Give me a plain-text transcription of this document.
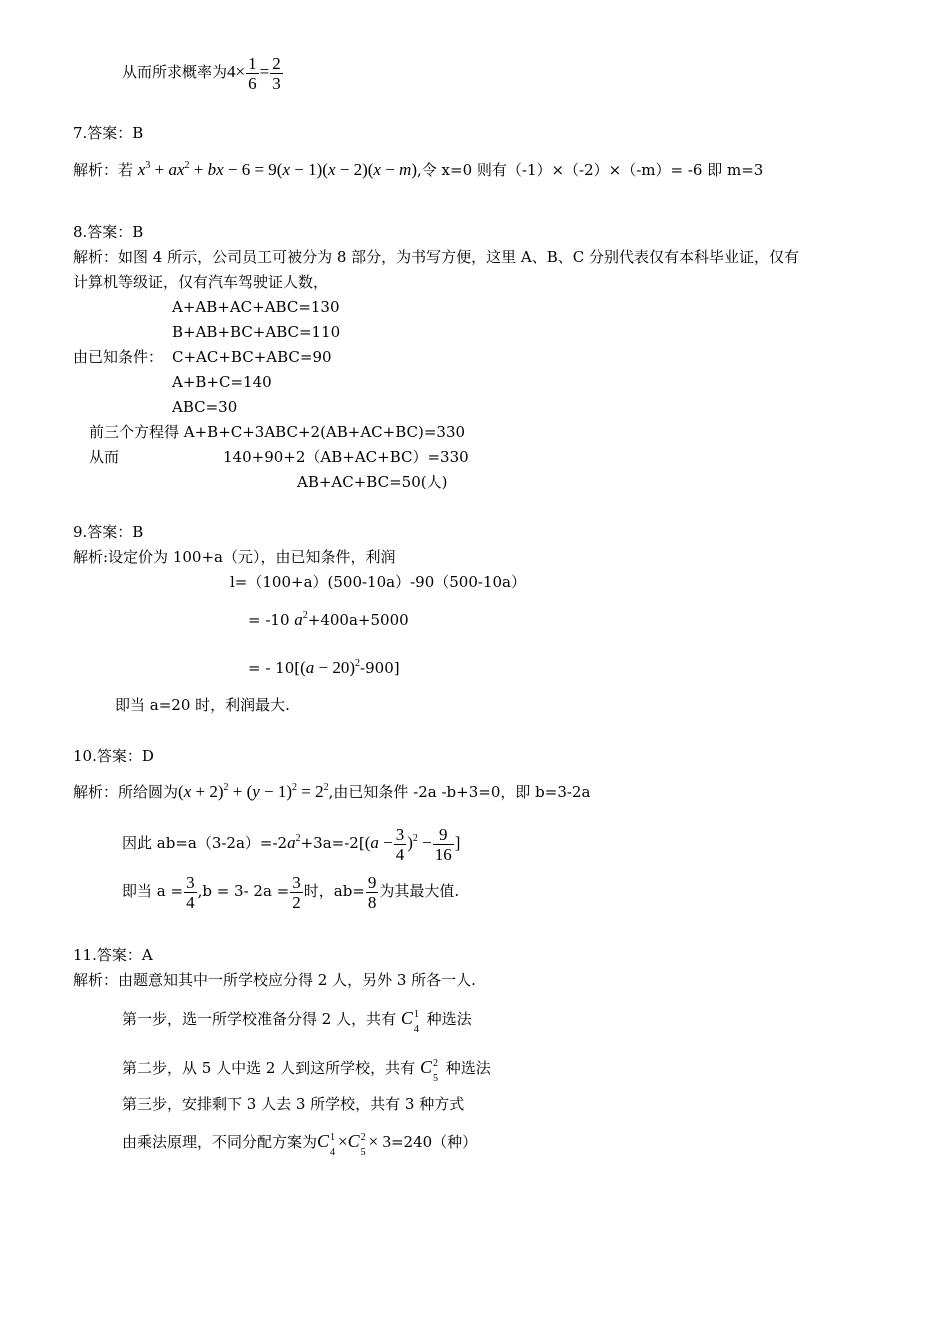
从而所求概率为$4\times \frac{1}{6} = \frac{2}{3}$
7.答案：B
解析：若 $x^3 + ax^2$ + bx − 6 = 9(x − 1)(x − 2)(x − m),令 x=0 则有（-1）×（-2）×（-m）= -6 即 m=3
8.答案：B
解析：如图 4 所示，公司员工可被分为 8 部分，为书写方便，这里 A、B、C 分别代表仅有本科毕业证，仅有
计算机等级证，仅有汽车驾驶证人数，
A+AB+AC+ABC=130
B+AB+BC+ABC=110
由已知条件： C+AC+BC+ABC=90
A+B+C=140
ABC=30
前三个方程得 A+B+C+3ABC+2(AB+AC+BC)=330
从而	140+90+2（AB+AC+BC）=330
AB+AC+BC=50(人)
9.答案：B
解析:设定价为 100+a（元），由已知条件，利润
l=（100+a）(500-10a）-90（500-10a）
= -10 $a^2+400a+5000$
= - $10[(a - 20)^2-900]$
即当 a=20 时，利润最大.
10.答案：D
解析：所给圆为$(x + 2)^2 + (y - 1)^2 = 2^2$,由已知条件 -2a -b+3=0，即 b=3-2a
因此 $ab=a(3-2a)=-2a^2+3a=-2[(a - \frac{3}{4} )^2 - \frac{9}{16}$ ]
即当 $a = \frac{3}{4} ,b = 3-$ $2a = \frac{3}{2}$ 时，$ab= \frac{9}{8}$ 为其最大值.
11.答案：A
解析：由题意知其中一所学校应分得 2 人，另外 3 所各一人.
第一步，选一所学校准备分得 2 人，共有 C 1
4
种选法
第二步，从 5 人中选 2 人到这所学校，共有 C 2
5
种选法
第三步，安排剩下 3 人去 3 所学校，共有 3 种方式
由乘法原理，不同分配方案为C 1
4
×C 2
5
× 3=240（种）
x³ + ax² + bx − 6
= 9(x − 1)(x − 2)(x − m)
(a − 20)
(x + 2)² + (y − 1)² = 2²
(a −
)² −
